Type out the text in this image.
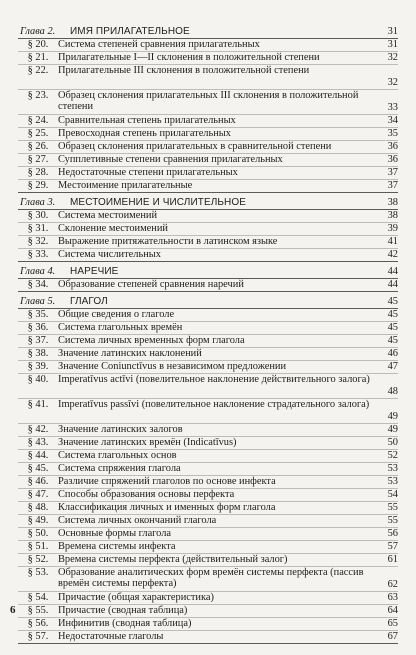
Глава 2. ИМЯ ПРИЛАГАТЕЛЬНОЕ	31
§ 20. Система степеней сравнения прилагательных	31
§ 21. Прилагательные I—II склонения в положительной степени	32
§ 22. Прилагательные III склонения в положительной степени
32
§ 23. Образец склонения прилагательных III склонения в положительной степени	33
§ 24. Сравнительная степень прилагательных	34
§ 25. Превосходная степень прилагательных	35
§ 26. Образец склонения прилагательных в сравнительной степени	36
§ 27. Супплетивные степени сравнения прилагательных	36
§ 28. Недостаточные степени прилагательных	37
§ 29. Местоимение прилагательные	37
Глава 3. МЕСТОИМЕНИЕ И ЧИСЛИТЕЛЬНОЕ	38
§ 30. Система местоимений	38
§ 31. Склонение местоимений	39
§ 32. Выражение притяжательности в латинском языке	41
§ 33. Система числительных	42
Глава 4. НАРЕЧИЕ	44
§ 34. Образование степеней сравнения наречий	44
Глава 5. ГЛАГОЛ	45
§ 35. Общие сведения о глаголе	45
§ 36. Система глагольных времён	45
§ 37. Система личных временных форм глагола	45
§ 38. Значение латинских наклонений	46
§ 39. Значение Coniunctīvus в независимом предложении	47
§ 40. Imperatīvus actīvi (повелительное наклонение действительного залога)
48
§ 41. Imperatīvus passīvi (повелительное наклонение страдательного залога)
49
§ 42. Значение латинских залогов	49
§ 43. Значение латинских времён (Indicatīvus)	50
§ 44. Система глагольных основ	52
§ 45. Система спряжения глагола	53
§ 46. Различие спряжений глаголов по основе инфекта	53
§ 47. Способы образования основы перфекта	54
§ 48. Классификация личных и именных форм глагола	55
§ 49. Система личных окончаний глагола	55
§ 50. Основные формы глагола	56
§ 51. Времена системы инфекта	57
§ 52. Времена системы перфекта (действительный залог)	61
§ 53. Образование аналитических форм времён системы перфекта (пассив времён системы перфекта)	62
§ 54. Причастие (общая характеристика)	63
§ 55. Причастие (сводная таблица)	64
§ 56. Инфинитив (сводная таблица)	65
§ 57. Недостаточные глаголы	67
6
